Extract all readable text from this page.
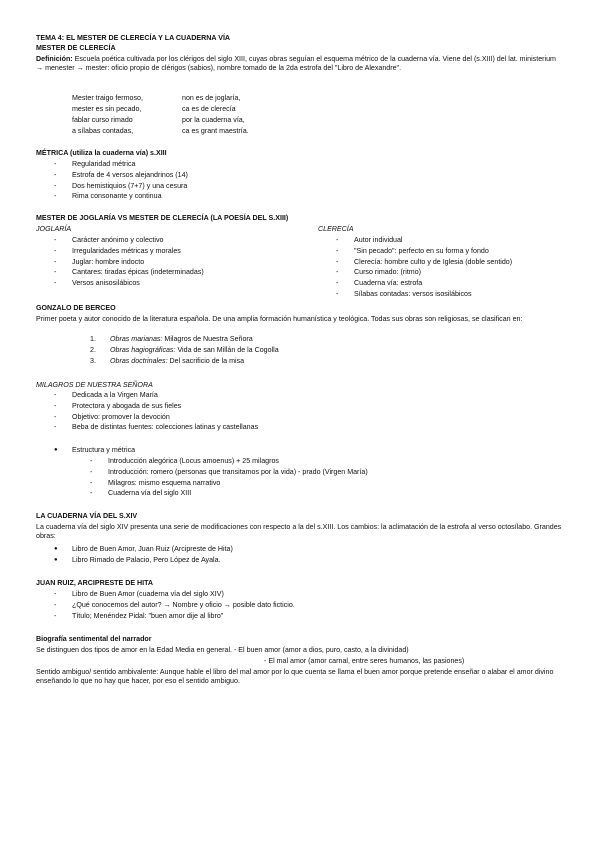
TEMA 4: EL MESTER DE CLERECÍA Y LA CUADERNA VÍA
MESTER DE CLERECÍA
Definición: Escuela poética cultivada por los clérigos del siglo XIII, cuyas obras seguían el esquema métrico de la cuaderna vía. Viene del (s.XIII) del lat. ministerium → menester → mester: oficio propio de clérigos (sabios), nombre tomado de la 2da estrofa del "Libro de Alexandre".
Mester traigo fermoso,	non es de joglaría,
mester es sin pecado,	ca es de clerecía
fablar curso rimado	por la cuaderna vía,
a sílabas contadas,	ca es grant maestría.
MÉTRICA (utiliza la cuaderna vía) s.XIII
- Regularidad métrica
- Estrofa de 4 versos alejandrinos (14)
- Dos hemistiquios (7+7) y una cesura
- Rima consonante y continua
MESTER DE JOGLARÍA VS MESTER DE CLERECÍA (LA POESÍA DEL S.XIII)
JOGLARÍA	CLERECÍA
- Carácter anónimo y colectivo
- Irregularidades métricas y morales
- Juglar: hombre indocto
- Cantares: tiradas épicas (indeterminadas)
- Versos anisosilábicos
- Autor individual
- "Sin pecado": perfecto en su forma y fondo
- Clerecía: hombre culto y de Iglesia (doble sentido)
- Curso rimado: (ritmo)
- Cuaderna vía: estrofa
- Sílabas contadas: versos isosilábicos
GONZALO DE BERCEO
Primer poeta y autor conocido de la literatura española. De una amplia formación humanística y teológica. Todas sus obras son religiosas, se clasifican en:
1. Obras marianas: Milagros de Nuestra Señora
2. Obras hagiográficas: Vida de san Millán de la Cogolla
3. Obras doctrinales: Del sacrificio de la misa
MILAGROS DE NUESTRA SEÑORA
- Dedicada a la Virgen María
- Protectora y abogada de sus fieles
- Objetivo: promover la devoción
- Beba de distintas fuentes: colecciones latinas y castellanas
● Estructura y métrica
- Introducción alegórica (Locus amoenus) + 25 milagros
- Introducción: romero (personas que transitamos por la vida) - prado (Virgen María)
- Milagros: mismo esquema narrativo
- Cuaderna vía del siglo XIII
LA CUADERNA VÍA DEL S.XIV
La cuaderna vía del siglo XIV presenta una serie de modificaciones con respecto a la del s.XIII. Los cambios: la aclimatación de la estrofa al verso octosílabo. Grandes obras:
● Libro de Buen Amor, Juan Ruiz (Arcipreste de Hita)
● Libro Rimado de Palacio, Pero López de Ayala.
JUAN RUIZ, ARCIPRESTE DE HITA
- Libro de Buen Amor (cuaderna vía del siglo XIV)
- ¿Qué conocemos del autor? → Nombre y oficio → posible dato ficticio.
- Título; Menéndez Pidal: "buen amor dije al libro"
Biografía sentimental del narrador
Se distinguen dos tipos de amor en la Edad Media en general. - El buen amor (amor a dios, puro, casto, a la divinidad)
- El mal amor (amor carnal, entre seres humanos, las pasiones)
Sentido ambiguo/ sentido ambivalente: Aunque hable el libro del mal amor por lo que cuenta se llama el buen amor porque pretende enseñar o alabar el amor divino enseñando lo que no hay que hacer, por eso el sentido ambiguo.
